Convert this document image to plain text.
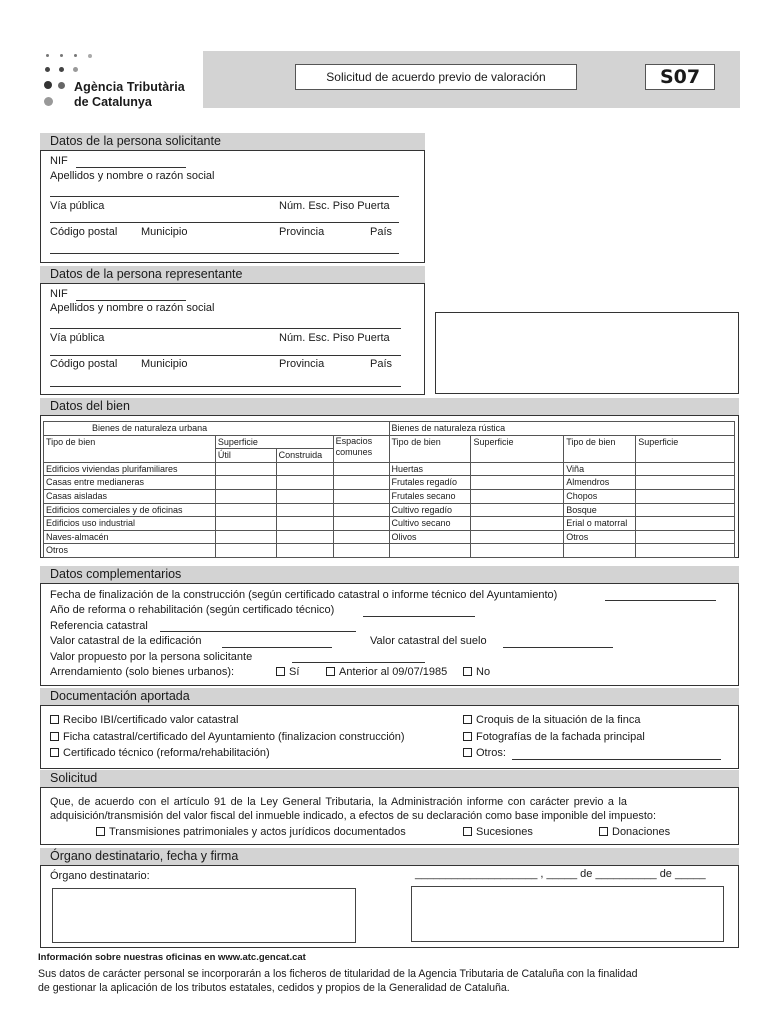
Agència Tributària
de Catalunya
Solicitud de acuerdo previo de valoración	S07
Datos de la persona solicitante
NIF
Apellidos y nombre o razón social
Vía pública	Núm. Esc. Piso Puerta
Código postal Municipio	Provincia	País
Datos de la persona representante
NIF
Apellidos y nombre o razón social
Vía pública	Núm. Esc. Piso Puerta
Código postal Municipio	Provincia	País
Datos del bien
Bienes de naturaleza urbana				Bienes de naturaleza rústica			
Tipo de bien	Superficie		Espacios
comunes	Tipo de bien	Superficie	Tipo de bien	Superficie
	Útil	Construida					
Edificios viviendas plurifamiliares				Huertas		Viña	
Casas entre medianeras				Frutales regadío		Almendros	
Casas aisladas				Frutales secano		Chopos	
Edificios comerciales y de oficinas				Cultivo regadío		Bosque	
Edificios uso industrial				Cultivo secano		Erial o matorral	
Naves-almacén				Olivos		Otros	
Otros							
Datos complementarios
Fecha de finalización de la construcción (según certificado catastral o informe técnico del Ayuntamiento)
Año de reforma o rehabilitación (según certificado técnico)
Referencia catastral
Valor catastral de la edificación	Valor catastral del suelo
Valor propuesto por la persona solicitante
Arrendamiento (solo bienes urbanos):	Sí	Anterior al 09/07/1985	No
Documentación aportada
Recibo IBI/certificado valor catastral
Ficha catastral/certificado del Ayuntamiento (finalizacion construcción)
Certificado técnico (reforma/rehabilitación)
Croquis de la situación de la finca
Fotografías de la fachada principal
Otros:
Solicitud
Que, de acuerdo con el artículo 91 de la Ley General Tributaria, la Administración informe con carácter previo a la
adquisición/transmisión del valor fiscal del inmueble indicado, a efectos de su declaración como base imponible del impuesto:
Transmisiones patrimoniales y actos jurídicos documentados	Sucesiones	Donaciones
Órgano destinatario, fecha y firma
Órgano destinatario:	____________________ , _____ de __________ de _____
Información sobre nuestras oficinas en www.atc.gencat.cat
Sus datos de carácter personal se incorporarán a los ficheros de titularidad de la Agencia Tributaria de Cataluña con la finalidad
de gestionar la aplicación de los tributos estatales, cedidos y propios de la Generalidad de Cataluña.
